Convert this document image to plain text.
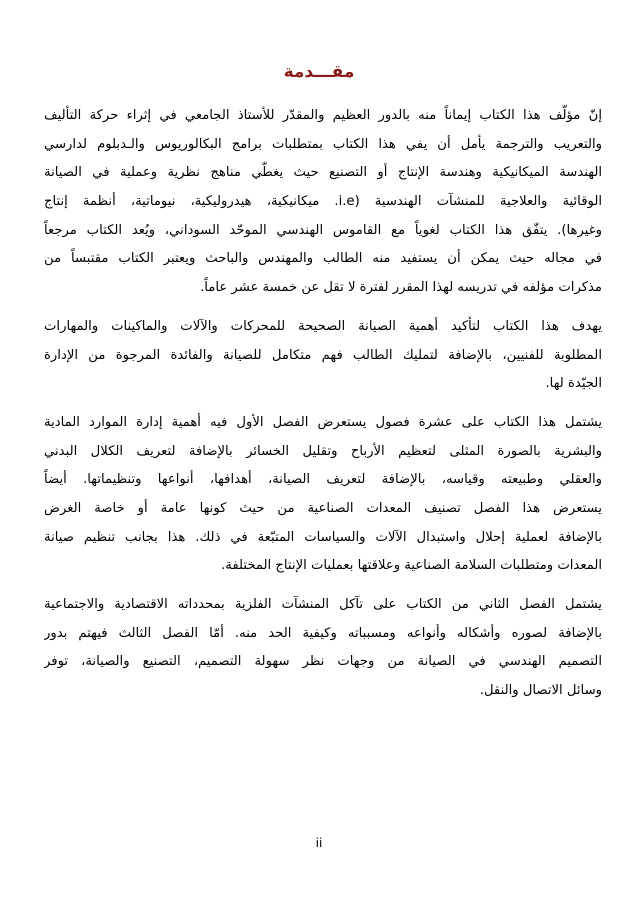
مقـــدمة
إنّ مؤلّف هذا الكتاب إيماناً منه بالدور العظيم والمقدّر للأستاذ الجامعي في إثراء حركة التأليف
والتعريب والترجمة يأمل أن يفي هذا الكتاب بمتطلبات برامج البكالوريوس والـدبلوم لدارسي
الهندسة الميكانيكية وهندسة الإنتاج أو التصنيع حيث يغطّي مناهج نظرية وعملية في الصيانة
الوقائية والعلاجية للمنشآت الهندسية (i.e. ميكانيكية، هيدروليكية، نيوماتية، أنظمة إنتاج
وغيرها). يتفّق هذا الكتاب لغوياً مع القاموس الهندسي الموحّد السوداني، ويُعد الكتاب مرجعاً
في مجاله حيث يمكن أن يستفيد منه الطالب والمهندس والباحث ويعتبر الكتاب مقتبساً من
مذكرات مؤلفه في تدريسه لهذا المقرر لفترة لا تقل عن خمسة عشر عاماً.
يهدف هذا الكتاب لتأكيد أهمية الصيانة الصحيحة للمحركات والآلات والماكينات والمهارات
المطلوبة للفنيين، بالإضافة لتمليك الطالب فهم متكامل للصيانة والفائدة المرجوة من الإدارة
الجيّدة لها.
يشتمل هذا الكتاب على عشرة فصول يستعرض الفصل الأول فيه أهمية إدارة الموارد المادية
والبشرية بالصورة المثلى لتعظيم الأرباح وتقليل الخسائر بالإضافة لتعريف الكلال البدني
والعقلي وطبيعته وقياسه، بالإضافة لتعريف الصيانة، أهدافها، أنواعها وتنظيماتها. أيضاً
يستعرض هذا الفصل تصنيف المعدات الصناعية من حيث كونها عامة أو خاصة الغرض
بالإضافة لعملية إحلال واستبدال الآلات والسياسات المتبّعة في ذلك. هذا بجانب تنظيم صيانة
المعدات ومتطلبات السلامة الصناعية وعلاقتها بعمليات الإنتاج المختلفة.
يشتمل الفصل الثاني من الكتاب على تآكل المنشآت الفلزية بمحدداته الاقتصادية والاجتماعية
بالإضافة لصوره وأشكاله وأنواعه ومسبباته وكيفية الحد منه. أمّا الفصل الثالث فيهتم بدور
التصميم الهندسي في الصيانة من وجهات نظر سهولة التصميم، التصنيع والصيانة، توفر
وسائل الاتصال والنقل.
ii
